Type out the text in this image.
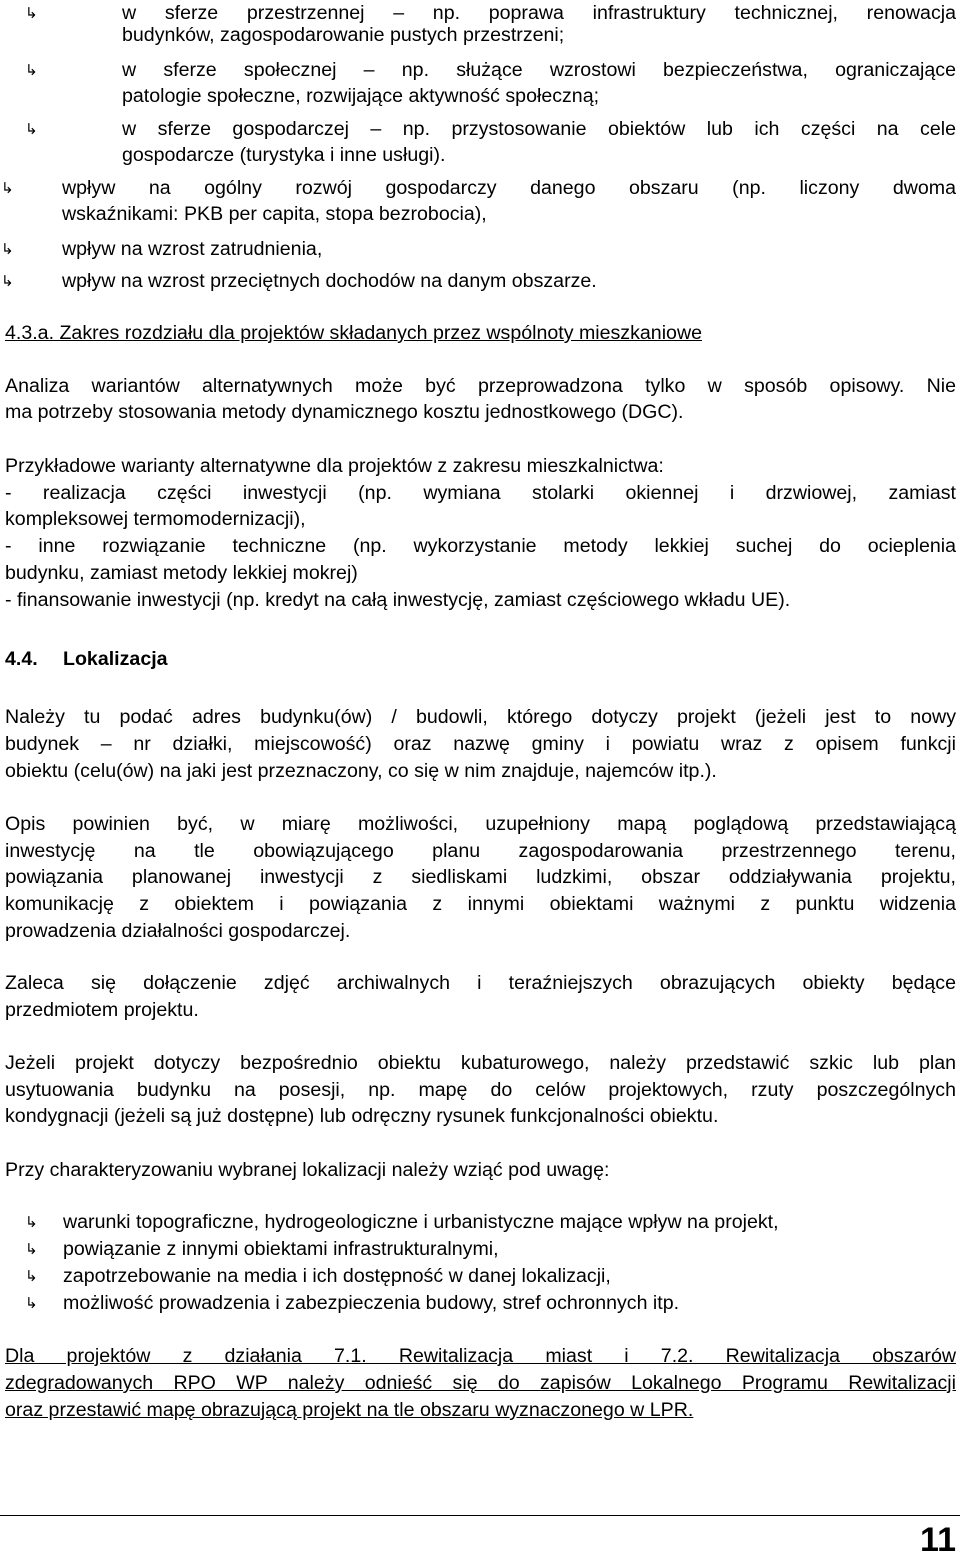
↳	w sferze przestrzennej – np. poprawa infrastruktury technicznej, renowacja
budynków, zagospodarowanie pustych przestrzeni;
↳	w sferze społecznej – np. służące wzrostowi bezpieczeństwa, ograniczające
patologie społeczne, rozwijające aktywność społeczną;
↳	w sferze gospodarczej – np. przystosowanie obiektów lub ich części na cele
gospodarcze (turystyka i inne usługi).
↳ wpływ na ogólny rozwój gospodarczy danego obszaru (np. liczony dwoma
wskaźnikami: PKB per capita, stopa bezrobocia),
↳ wpływ na wzrost zatrudnienia,
↳ wpływ na wzrost przeciętnych dochodów na danym obszarze.
4.3.a. Zakres rozdziału dla projektów składanych przez wspólnoty mieszkaniowe
Analiza wariantów alternatywnych może być przeprowadzona tylko w sposób opisowy. Nie
ma potrzeby stosowania metody dynamicznego kosztu jednostkowego (DGC).
Przykładowe warianty alternatywne dla projektów z zakresu mieszkalnictwa:
- realizacja części inwestycji (np. wymiana stolarki okiennej i drzwiowej, zamiast
kompleksowej termomodernizacji),
- inne rozwiązanie techniczne (np. wykorzystanie metody lekkiej suchej do ocieplenia
budynku, zamiast metody lekkiej mokrej)
- finansowanie inwestycji (np. kredyt na całą inwestycję, zamiast częściowego wkładu UE).
4.4. Lokalizacja
Należy tu podać adres budynku(ów) / budowli, którego dotyczy projekt (jeżeli jest to nowy
budynek – nr działki, miejscowość) oraz nazwę gminy i powiatu wraz z opisem funkcji
obiektu (celu(ów) na jaki jest przeznaczony, co się w nim znajduje, najemców itp.).
Opis powinien być, w miarę możliwości, uzupełniony mapą poglądową przedstawiającą
inwestycję na tle obowiązującego planu zagospodarowania przestrzennego terenu,
powiązania planowanej inwestycji z siedliskami ludzkimi, obszar oddziaływania projektu,
komunikację z obiektem i powiązania z innymi obiektami ważnymi z punktu widzenia
prowadzenia działalności gospodarczej.
Zaleca się dołączenie zdjęć archiwalnych i teraźniejszych obrazujących obiekty będące
przedmiotem projektu.
Jeżeli projekt dotyczy bezpośrednio obiektu kubaturowego, należy przedstawić szkic lub plan
usytuowania budynku na posesji, np. mapę do celów projektowych, rzuty poszczególnych
kondygnacji (jeżeli są już dostępne) lub odręczny rysunek funkcjonalności obiektu.
Przy charakteryzowaniu wybranej lokalizacji należy wziąć pod uwagę:
↳ warunki topograficzne, hydrogeologiczne i urbanistyczne mające wpływ na projekt,
↳ powiązanie z innymi obiektami infrastrukturalnymi,
↳ zapotrzebowanie na media i ich dostępność w danej lokalizacji,
↳ możliwość prowadzenia i zabezpieczenia budowy, stref ochronnych itp.
Dla projektów z działania 7.1. Rewitalizacja miast i 7.2. Rewitalizacja obszarów
zdegradowanych RPO WP należy odnieść się do zapisów Lokalnego Programu Rewitalizacji
oraz przestawić mapę obrazującą projekt na tle obszaru wyznaczonego w LPR.
11
